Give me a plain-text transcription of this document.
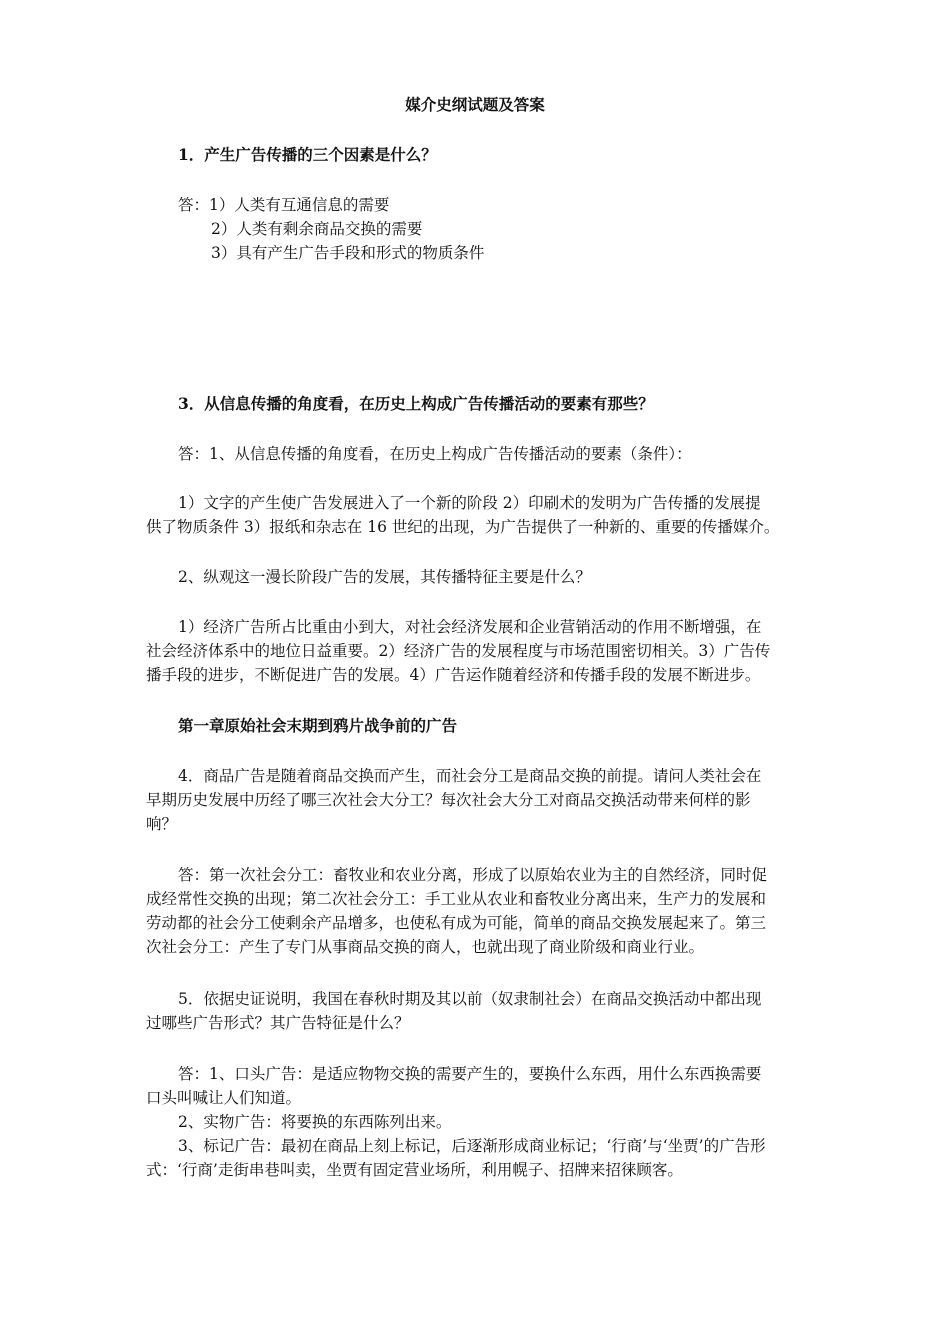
媒介史纲试题及答案
1．产生广告传播的三个因素是什么？
答：1）人类有互通信息的需要
2）人类有剩余商品交换的需要
3）具有产生广告手段和形式的物质条件
3．从信息传播的角度看，在历史上构成广告传播活动的要素有那些？
答：1、从信息传播的角度看，在历史上构成广告传播活动的要素（条件）：
1）文字的产生使广告发展进入了一个新的阶段 2）印刷术的发明为广告传播的发展提
供了物质条件 3）报纸和杂志在 16 世纪的出现，为广告提供了一种新的、重要的传播媒介。
2、纵观这一漫长阶段广告的发展，其传播特征主要是什么？
1）经济广告所占比重由小到大，对社会经济发展和企业营销活动的作用不断增强，在
社会经济体系中的地位日益重要。2）经济广告的发展程度与市场范围密切相关。3）广告传
播手段的进步，不断促进广告的发展。4）广告运作随着经济和传播手段的发展不断进步。
第一章原始社会末期到鸦片战争前的广告
4．商品广告是随着商品交换而产生，而社会分工是商品交换的前提。请问人类社会在
早期历史发展中历经了哪三次社会大分工？每次社会大分工对商品交换活动带来何样的影
响？
答：第一次社会分工：畜牧业和农业分离，形成了以原始农业为主的自然经济，同时促
成经常性交换的出现；第二次社会分工：手工业从农业和畜牧业分离出来，生产力的发展和
劳动都的社会分工使剩余产品增多，也使私有成为可能，简单的商品交换发展起来了。第三
次社会分工：产生了专门从事商品交换的商人，也就出现了商业阶级和商业行业。
5．依据史证说明，我国在春秋时期及其以前（奴隶制社会）在商品交换活动中都出现
过哪些广告形式？其广告特征是什么？
答：1、口头广告：是适应物物交换的需要产生的，要换什么东西，用什么东西换需要
口头叫喊让人们知道。
2、实物广告：将要换的东西陈列出来。
3、标记广告：最初在商品上刻上标记，后逐渐形成商业标记；‘行商’与‘坐贾’的广告形
式：‘行商’走街串巷叫卖，坐贾有固定营业场所，利用幌子、招牌来招徕顾客。
